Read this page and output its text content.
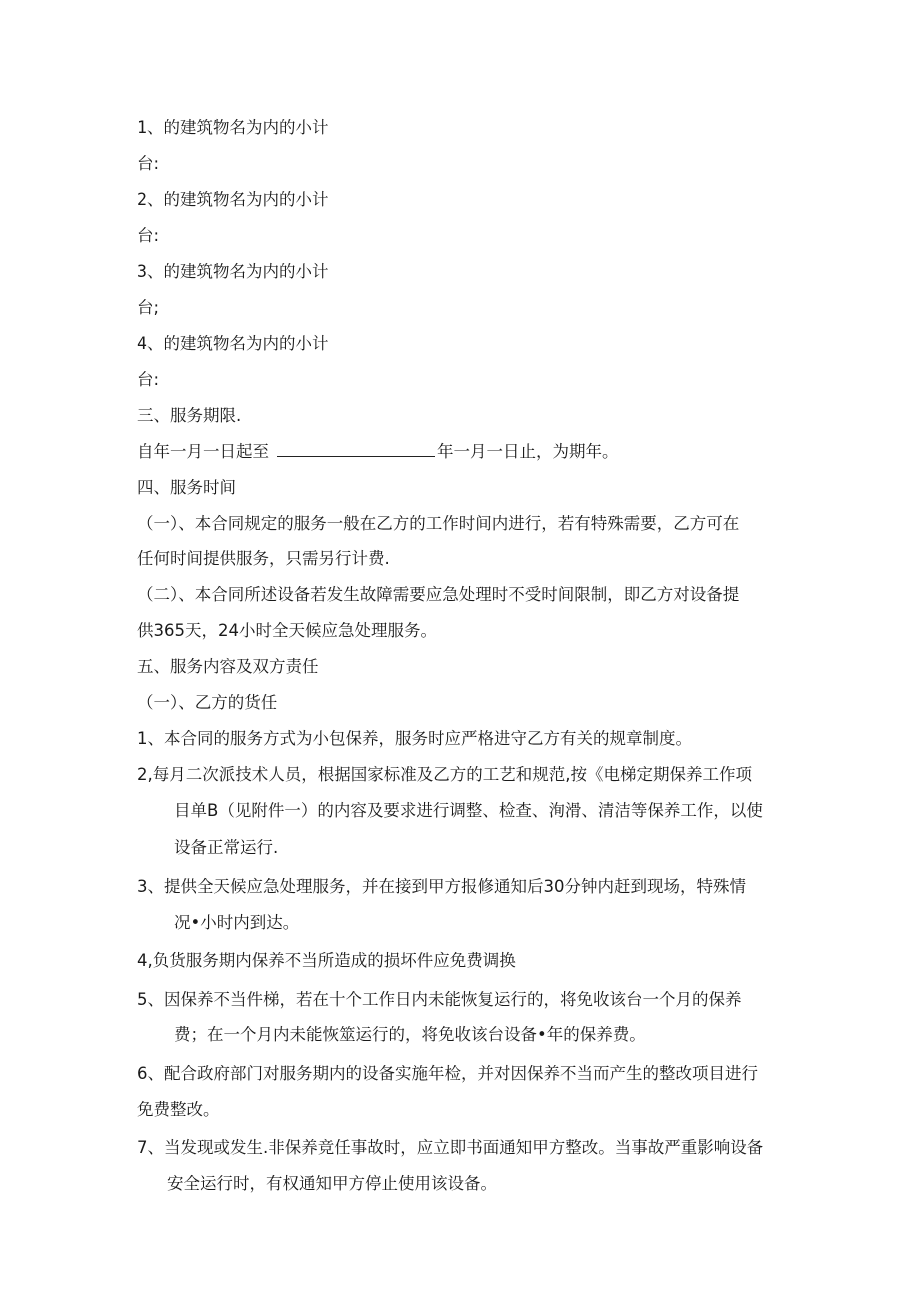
1、的建筑物名为内的小计
台:
2、的建筑物名为内的小计
台:
3、的建筑物名为内的小计
台;
4、的建筑物名为内的小计
台:
三、服务期限.
自年一月一日起至	年一月一日止，为期年。
四、服务时间
（一）、本合同规定的服务一般在乙方的工作时间内进行，若有特殊需要，乙方可在
任何时间提供服务，只需另行计费.
（二）、本合同所述设备若发生故障需要应急处理时不受时间限制，即乙方对设备提
供365天，24小时全天候应急处理服务。
五、服务内容及双方责任
（一）、乙方的货任
1、本合同的服务方式为小包保养，服务时应严格进守乙方有关的规章制度。
2,每月二次派技术人员，根据国家标准及乙方的工艺和规范,按《电梯定期保养工作项
目单B（见附件一）的内容及要求进行调整、检查、洵滑、清洁等保养工作，以使
设备正常运行.
3、提供全天候应急处理服务，并在接到甲方报修通知后30分钟内赶到现场，特殊情
况•小时内到达。
4,负货服务期内保养不当所造成的损坏件应免费调换
5、因保养不当件梯，若在十个工作日内未能恢复运行的，将免收该台一个月的保养
费；在一个月内未能恢筮运行的，将免收该台设备•年的保养费。
6、配合政府部门对服务期内的设备实施年检，并对因保养不当而产生的整改项目进行
免费整改。
7、当发现或发生.非保养竞任事故时，应立即书面通知甲方整改。当事故严重影响设备
安全运行时，有权通知甲方停止使用该设备。
